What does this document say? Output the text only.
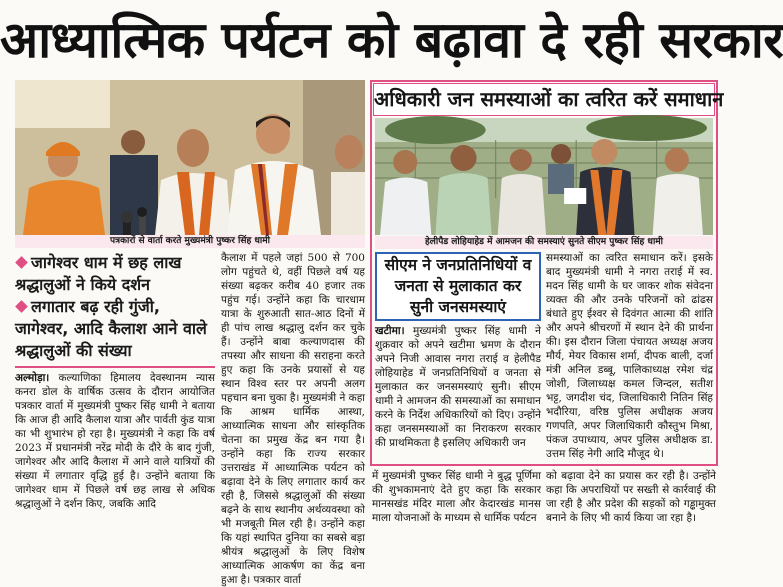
आध्यात्मिक पर्यटन को बढ़ावा दे रही सरकार
पत्रकारों से वार्ता करते मुख्यमंत्री पुष्कर सिंह धामी

जागेश्वर धाम में छह लाख श्रद्धालुओं ने किये दर्शन

लगातार बढ़ रही गुंजी, जागेश्वर, आदि कैलाश आने वाले श्रद्धालुओं की संख्या

अल्मोड़ा। कल्याणिका हिमालय देवस्थानम न्यास कनरा डोल के वार्षिक उत्सव के दौरान आयोजित पत्रकार वार्ता में मुख्यमंत्री पुष्कर सिंह धामी ने बताया कि आज ही आदि कैलाश यात्रा और पार्वती कुंड यात्रा का भी शुभारंभ हो रहा है। मुख्यमंत्री ने कहा कि वर्ष 2023 में प्रधानमंत्री नरेंद्र मोदी के दौरे के बाद गुंजी, जागेश्वर और आदि कैलाश में आने वाले यात्रियों की संख्या में लगातार वृद्धि हुई है। उन्होंने बताया कि जागेश्वर धाम में पिछले वर्ष छह लाख से अधिक श्रद्धालुओं ने दर्शन किए, जबकि आदि

कैलाश में पहले जहां 500 से 700 लोग पहुंचते थे, वहीं पिछले वर्ष यह संख्या बढ़कर करीब 40 हजार तक पहुंच गई। उन्होंने कहा कि चारधाम यात्रा के शुरुआती सात-आठ दिनों में ही पांच लाख श्रद्धालु दर्शन कर चुके हैं। उन्होंने बाबा कल्याणदास की तपस्या और साधना की सराहना करते हुए कहा कि उनके प्रयासों से यह स्थान विश्व स्तर पर अपनी अलग पहचान बना चुका है। मुख्यमंत्री ने कहा कि आश्रम धार्मिक आस्था, आध्यात्मिक साधना और सांस्कृतिक चेतना का प्रमुख केंद्र बन गया है। उन्होंने कहा कि राज्य सरकार उत्तराखंड में आध्यात्मिक पर्यटन को बढ़ावा देने के लिए लगातार कार्य कर रही है, जिससे श्रद्धालुओं की संख्या बढ़ने के साथ स्थानीय अर्थव्यवस्था को भी मजबूती मिल रही है। उन्होंने कहा कि यहां स्थापित दुनिया का सबसे बड़ा श्रीयंत्र श्रद्धालुओं के लिए विशेष आध्यात्मिक आकर्षण का केंद्र बना हुआ है। पत्रकार वार्ता

अधिकारी जन समस्याओं का त्वरित करें समाधान
हेलीपैड लोहियाहेड में आमजन की समस्याएं सुनते सीएम पुष्कर सिंह धामी
सीएम ने जनप्रतिनिधियों व जनता से मुलाकात कर सुनी जनसमस्याएं

खटीमा। मुख्यमंत्री पुष्कर सिंह धामी ने शुक्रवार को अपने खटीमा भ्रमण के दौरान अपने निजी आवास नगरा तराई व हेलीपैड लोहियाहेड में जनप्रतिनिधियों व जनता से मुलाकात कर जनसमस्याएं सुनी। सीएम धामी ने आमजन की समस्याओं का समाधान करने के निर्देश अधिकारियों को दिए। उन्होंने कहा जनसमस्याओं का निराकरण सरकार की प्राथमिकता है इसलिए अधिकारी जन

समस्याओं का त्वरित समाधान करें। इसके बाद मुख्यमंत्री धामी ने नगरा तराई में स्व. मदन सिंह धामी के घर जाकर शोक संवेदना व्यक्त की और उनके परिजनों को ढांढस बंधाते हुए ईश्वर से दिवंगत आत्मा की शांति और अपने श्रीचरणों में स्थान देने की प्रार्थना की। इस दौरान जिला पंचायत अध्यक्ष अजय मौर्य, मेयर विकास शर्मा, दीपक बाली, दर्जा मंत्री अनिल डब्बू, पालिकाध्यक्ष रमेश चंद्र जोशी, जिलाध्यक्ष कमल जिन्दल, सतीश भट्ट, जगदीश चंद, जिलाधिकारी नितिन सिंह भदौरिया, वरिष्ठ पुलिस अधीक्षक अजय गणपति, अपर जिलाधिकारी कौस्तुभ मिश्रा, पंकज उपाध्याय, अपर पुलिस अधीक्षक डा. उत्तम सिंह नेगी आदि मौजूद थे।

में मुख्यमंत्री पुष्कर सिंह धामी ने बुद्ध पूर्णिमा की शुभकामनाएं देते हुए कहा कि सरकार मानसखंड मंदिर माला और केदारखंड मानस माला योजनाओं के माध्यम से धार्मिक पर्यटन

को बढ़ावा देने का प्रयास कर रही है। उन्होंने कहा कि अपराधियों पर सख्ती से कार्रवाई की जा रही है और प्रदेश की सड़कों को गड्ढामुक्त बनाने के लिए भी कार्य किया जा रहा है।
